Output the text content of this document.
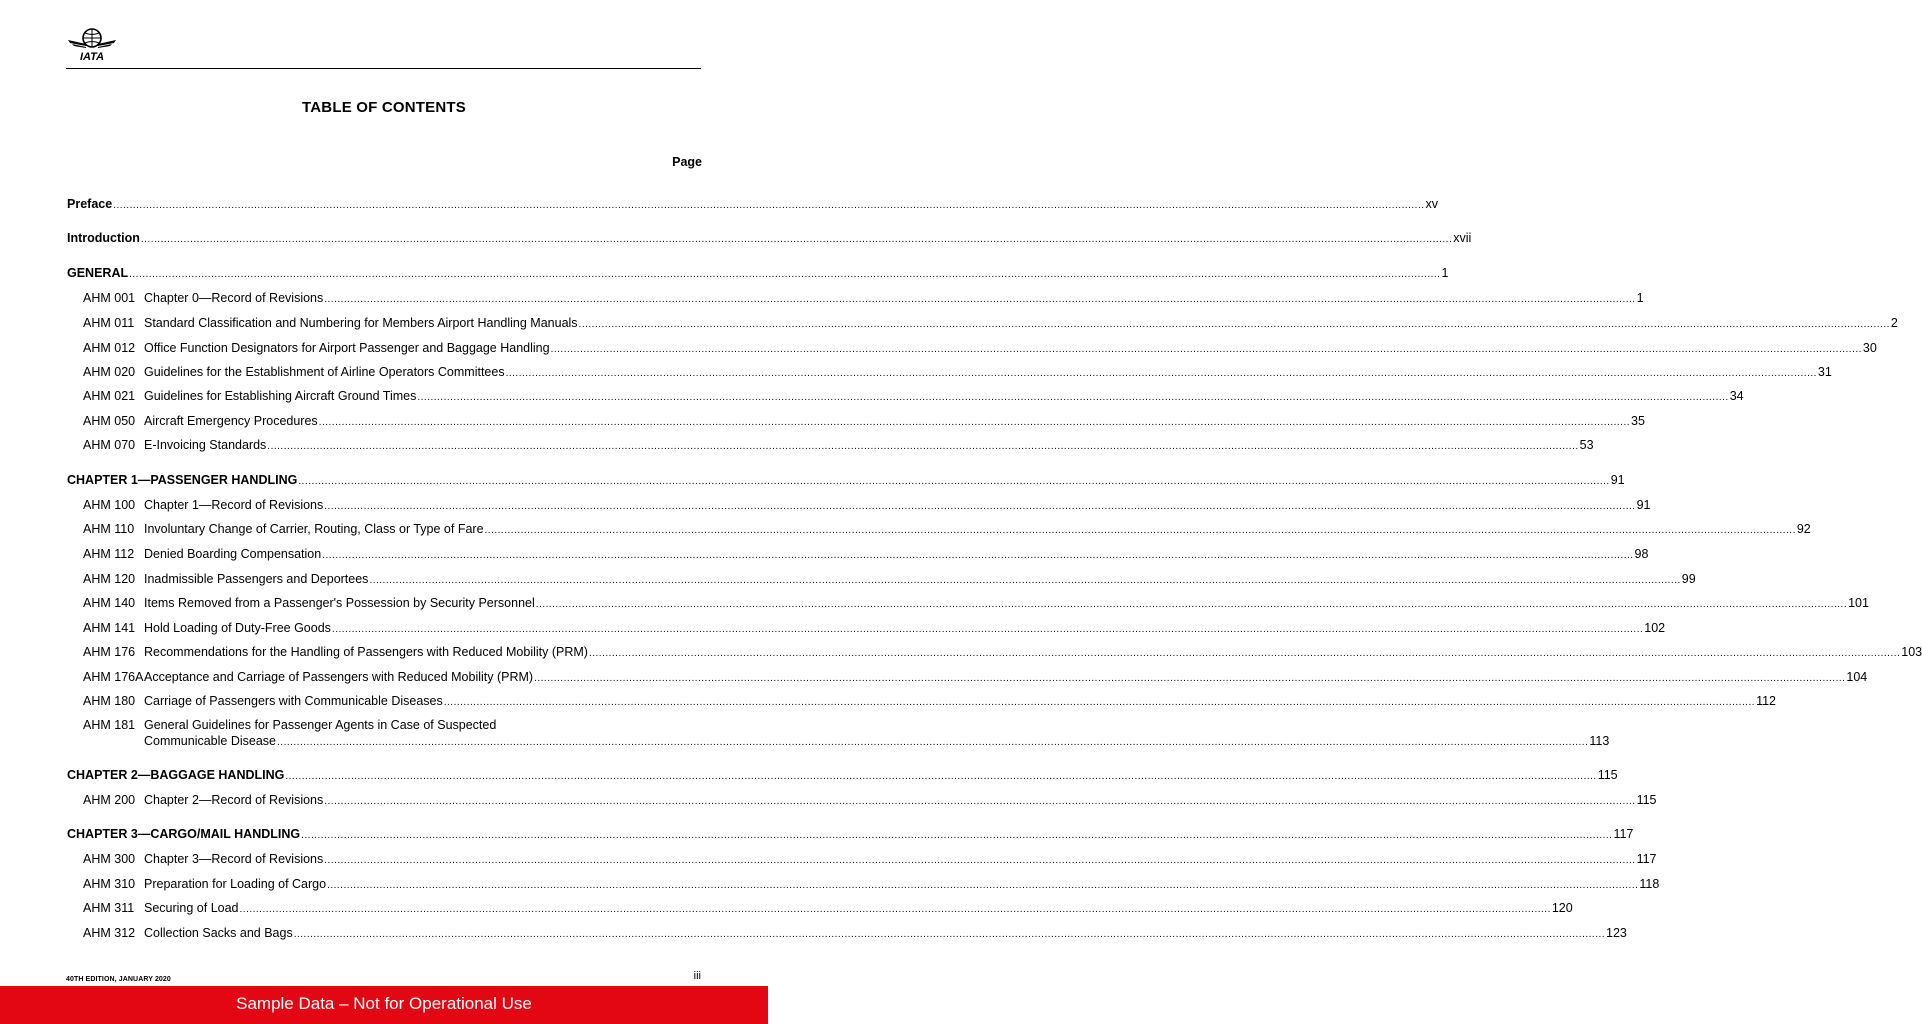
IATA
TABLE OF CONTENTS
Page
Preface ................................................................................................................................................................................................................................................................................................................................................................................................................ xv
Introduction ................................................................................................................................................................................................................................................................................................................................................................................................................ xvii
GENERAL ................................................................................................................................................................................................................................................................................................................................................................................................................ 1
AHM 001 Chapter 0—Record of Revisions ................................................................................................................................................................................................................................................................................................................................................................................................................ 1
AHM 011 Standard Classification and Numbering for Members Airport Handling Manuals ................................................................................................................................................................................................................................................................................................................................................................................................................ 2
AHM 012 Office Function Designators for Airport Passenger and Baggage Handling ................................................................................................................................................................................................................................................................................................................................................................................................................ 30
AHM 020 Guidelines for the Establishment of Airline Operators Committees ................................................................................................................................................................................................................................................................................................................................................................................................................ 31
AHM 021 Guidelines for Establishing Aircraft Ground Times ................................................................................................................................................................................................................................................................................................................................................................................................................ 34
AHM 050 Aircraft Emergency Procedures ................................................................................................................................................................................................................................................................................................................................................................................................................ 35
AHM 070 E-Invoicing Standards ................................................................................................................................................................................................................................................................................................................................................................................................................ 53
CHAPTER 1—PASSENGER HANDLING ................................................................................................................................................................................................................................................................................................................................................................................................................ 91
AHM 100 Chapter 1—Record of Revisions ................................................................................................................................................................................................................................................................................................................................................................................................................ 91
AHM 110 Involuntary Change of Carrier, Routing, Class or Type of Fare ................................................................................................................................................................................................................................................................................................................................................................................................................ 92
AHM 112 Denied Boarding Compensation ................................................................................................................................................................................................................................................................................................................................................................................................................ 98
AHM 120 Inadmissible Passengers and Deportees ................................................................................................................................................................................................................................................................................................................................................................................................................ 99
AHM 140 Items Removed from a Passenger's Possession by Security Personnel ................................................................................................................................................................................................................................................................................................................................................................................................................ 101
AHM 141 Hold Loading of Duty-Free Goods ................................................................................................................................................................................................................................................................................................................................................................................................................ 102
AHM 176 Recommendations for the Handling of Passengers with Reduced Mobility (PRM) ................................................................................................................................................................................................................................................................................................................................................................................................................ 103
AHM 176A Acceptance and Carriage of Passengers with Reduced Mobility (PRM) ................................................................................................................................................................................................................................................................................................................................................................................................................ 104
AHM 180 Carriage of Passengers with Communicable Diseases ................................................................................................................................................................................................................................................................................................................................................................................................................ 112
AHM 181 General Guidelines for Passenger Agents in Case of Suspected
Communicable Disease ................................................................................................................................................................................................................................................................................................................................................................................................................ 113
CHAPTER 2—BAGGAGE HANDLING ................................................................................................................................................................................................................................................................................................................................................................................................................ 115
AHM 200 Chapter 2—Record of Revisions ................................................................................................................................................................................................................................................................................................................................................................................................................ 115
CHAPTER 3—CARGO/MAIL HANDLING ................................................................................................................................................................................................................................................................................................................................................................................................................ 117
AHM 300 Chapter 3—Record of Revisions ................................................................................................................................................................................................................................................................................................................................................................................................................ 117
AHM 310 Preparation for Loading of Cargo ................................................................................................................................................................................................................................................................................................................................................................................................................ 118
AHM 311 Securing of Load ................................................................................................................................................................................................................................................................................................................................................................................................................ 120
AHM 312 Collection Sacks and Bags ................................................................................................................................................................................................................................................................................................................................................................................................................ 123
40TH EDITION, JANUARY 2020	iii
Sample Data – Not for Operational Use
